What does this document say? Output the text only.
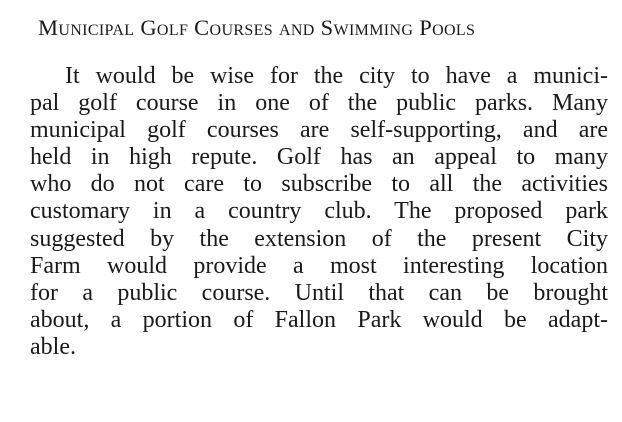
Municipal Golf Courses and Swimming Pools
It would be wise for the city to have a munici-
pal golf course in one of the public parks. Many
municipal golf courses are self-supporting, and are
held in high repute. Golf has an appeal to many
who do not care to subscribe to all the activities
customary in a country club. The proposed park
suggested by the extension of the present City
Farm would provide a most interesting location
for a public course. Until that can be brought
about, a portion of Fallon Park would be adapt-
able.
